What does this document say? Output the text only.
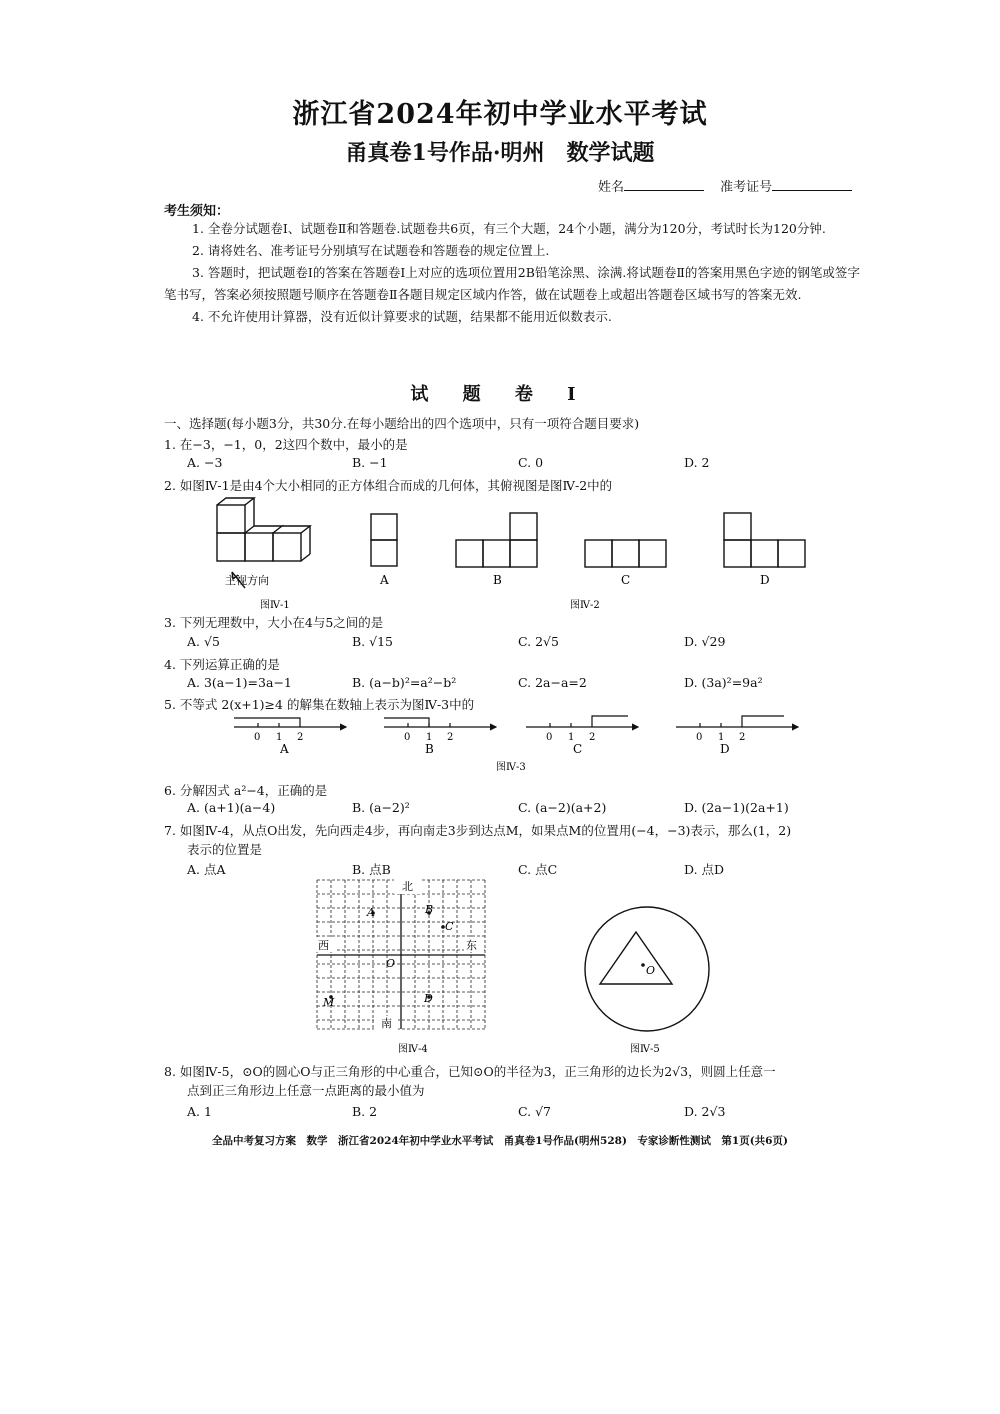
浙江省2024年初中学业水平考试
甬真卷1号作品·明州　数学试题
姓名	准考证号
考生须知：

1. 全卷分试题卷Ⅰ、试题卷Ⅱ和答题卷.试题卷共6页，有三个大题，24个小题，满分为120分，考试时长为120分钟.

2. 请将姓名、准考证号分别填写在试题卷和答题卷的规定位置上.

3. 答题时，把试题卷Ⅰ的答案在答题卷Ⅰ上对应的选项位置用2B铅笔涂黑、涂满.将试题卷Ⅱ的答案用黑色字迹的钢笔或签字笔书写，答案必须按照题号顺序在答题卷Ⅱ各题目规定区域内作答，做在试题卷上或超出答题卷区域书写的答案无效.

4. 不允许使用计算器，没有近似计算要求的试题，结果都不能用近似数表示.

试 题 卷 Ⅰ
一、选择题(每小题3分，共30分.在每小题给出的四个选项中，只有一项符合题目要求)
1. 在−3，−1，0，2这四个数中，最小的是
A. −3	B. −1	C. 0	D. 2
2. 如图Ⅳ-1是由4个大小相同的正方体组合而成的几何体，其俯视图是图Ⅳ-2中的
主视方向	A	B	C	D
图Ⅳ-1	图Ⅳ-2
3. 下列无理数中，大小在4与5之间的是
A. √5	B. √15	C. 2√5	D. √29
4. 下列运算正确的是
A. 3(a−1)=3a−1	B. (a−b)²=a²−b²	C. 2a−a=2	D. (3a)²=9a²
5. 不等式 2(x+1)≥4 的解集在数轴上表示为图Ⅳ-3中的
0 1 2
A
0 1 2
B
0 1 2
C
0 1 2
D
图Ⅳ-3
6. 分解因式 a²−4，正确的是
A. (a+1)(a−4)	B. (a−2)²	C. (a−2)(a+2)	D. (2a−1)(2a+1)
7. 如图Ⅳ-4，从点O出发，先向西走4步，再向南走3步到达点M，如果点M的位置用(−4，−3)表示，那么(1，2)
表示的位置是
A. 点A	B. 点B	C. 点C	D. 点D
北
南
西	东
O
A	B
C
D
M
图Ⅳ-4
O
图Ⅳ-5
8. 如图Ⅳ-5，⊙O的圆心O与正三角形的中心重合，已知⊙O的半径为3，正三角形的边长为2√3，则圆上任意一
点到正三角形边上任意一点距离的最小值为
A. 1	B. 2	C. √7	D. 2√3
全品中考复习方案　数学　浙江省2024年初中学业水平考试　甬真卷1号作品(明州528)　专家诊断性测试　第1页(共6页)
